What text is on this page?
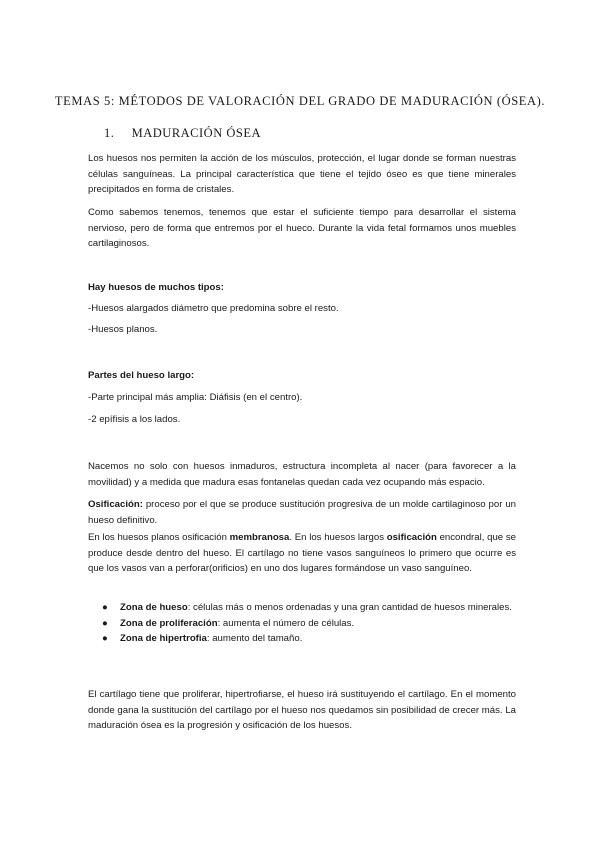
TEMAS 5: MÉTODOS DE VALORACIÓN DEL GRADO DE MADURACIÓN (ÓSEA).
1. MADURACIÓN ÓSEA

Los huesos nos permiten la acción de los músculos, protección, el lugar donde se forman nuestras células sanguíneas. La principal característica que tiene el tejido óseo es que tiene minerales precipitados en forma de cristales.

Como sabemos tenemos, tenemos que estar el suficiente tiempo para desarrollar el sistema nervioso, pero de forma que entremos por el hueco. Durante la vida fetal formamos unos muebles cartilaginosos.

Hay huesos de muchos tipos:

-Huesos alargados diámetro que predomina sobre el resto.

-Huesos planos.

Partes del hueso largo:

-Parte principal más amplia: Diáfisis (en el centro).

-2 epífisis a los lados.

Nacemos no solo con huesos inmaduros, estructura incompleta al nacer (para favorecer a la movilidad) y a medida que madura esas fontanelas quedan cada vez ocupando más espacio.

Osificación: proceso por el que se produce sustitución progresiva de un molde cartilaginoso por un hueso definitivo.

En los huesos planos osificación membranosa. En los huesos largos osificación encondral, que se produce desde dentro del hueso. El cartílago no tiene vasos sanguíneos lo primero que ocurre es que los vasos van a perforar(orificios) en uno dos lugares formándose un vaso sanguíneo.

● Zona de hueso: células más o menos ordenadas y una gran cantidad de huesos minerales.
● Zona de proliferación: aumenta el número de células.
● Zona de hipertrofia: aumento del tamaño.

El cartílago tiene que proliferar, hipertrofiarse, el hueso irá sustituyendo el cartílago. En el momento donde gana la sustitución del cartílago por el hueso nos quedamos sin posibilidad de crecer más. La maduración ósea es la progresión y osificación de los huesos.
